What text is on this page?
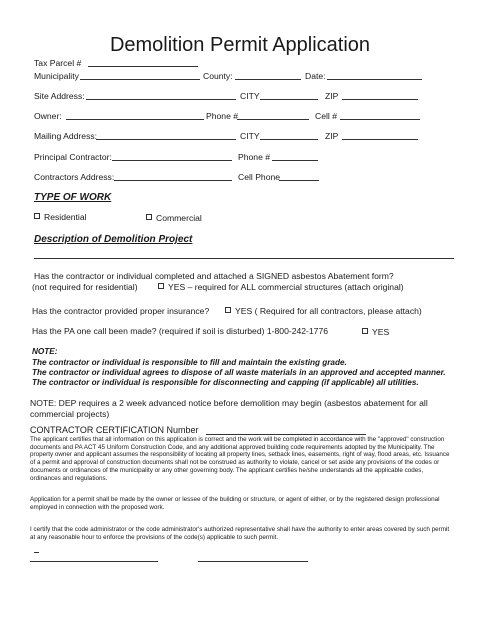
Demolition Permit Application
Tax Parcel #
Municipality	County:	Date:
Site Address:	CITY	ZIP
Owner:	Phone #	Cell #
Mailing Address:	CITY	ZIP
Principal Contractor:	Phone #
Contractors Address:	Cell Phone
TYPE OF WORK
Residential	Commercial
Description of Demolition Project
Has the contractor or individual completed and attached a SIGNED asbestos Abatement form?
(not required for residential)	YES – required for ALL commercial structures (attach original)
Has the contractor provided proper insurance?	YES ( Required for all contractors, please attach)
Has the PA one call been made? (required if soil is disturbed) 1-800-242-1776	YES
NOTE:
The contractor or individual is responsible to fill and maintain the existing grade.
The contractor or individual agrees to dispose of all waste materials in an approved and accepted manner.
The contractor or individual is responsible for disconnecting and capping (if applicable) all utilities.
NOTE: DEP requires a 2 week advanced notice before demolition may begin (asbestos abatement for all commercial projects)
CONTRACTOR CERTIFICATION Number
The applicant certifies that all information on this application is correct and the work will be completed in accordance with the "approved" construction documents and PA ACT 45 Uniform Construction Code, and any additional approved building code requirements adopted by the Municipality. The property owner and applicant assumes the responsibility of locating all property lines, setback lines, easements, right of way, flood areas, etc. Issuance of a permit and approval of construction documents shall not be construed as authority to violate, cancel or set aside any provisions of the codes or documents or ordinances of the municipality or any other governing body. The applicant certifies he/she understands all the applicable codes, ordinances and regulations.
Application for a permit shall be made by the owner or lessee of the building or structure, or agent of either, or by the registered design professional employed in connection with the proposed work.
I certify that the code administrator or the code administrator's authorized representative shall have the authority to enter areas covered by such permit at any reasonable hour to enforce the provisions of the code(s) applicable to such permit.
